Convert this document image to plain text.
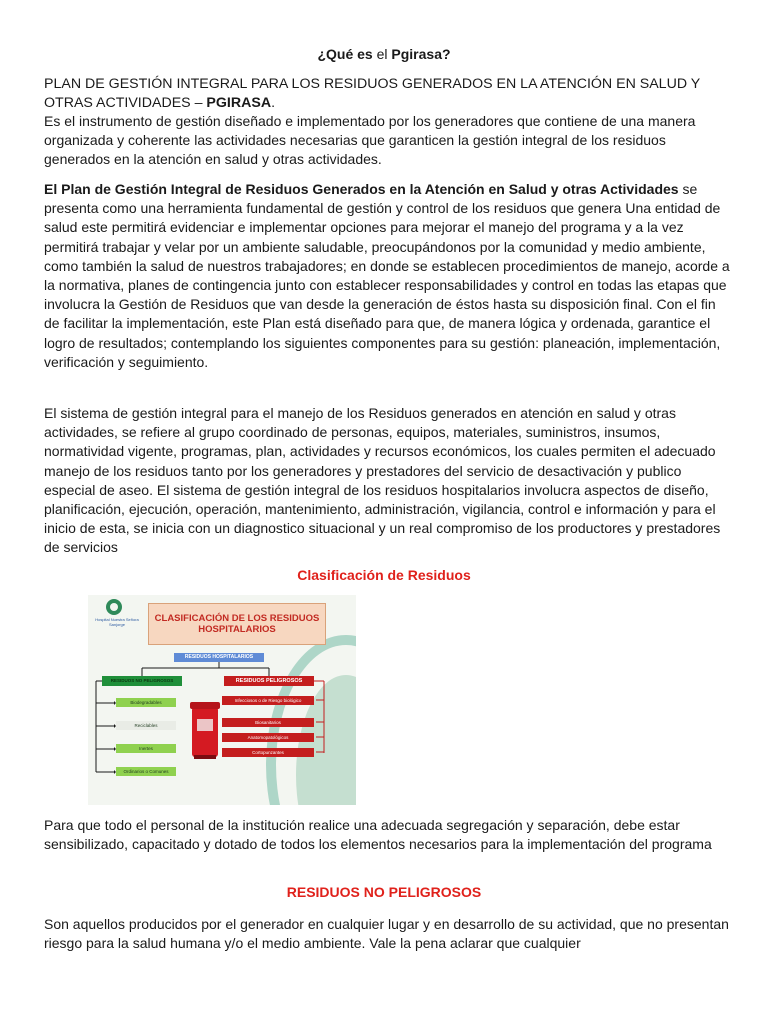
¿Qué es el Pgirasa?

PLAN DE GESTIÓN INTEGRAL PARA LOS RESIDUOS GENERADOS EN LA ATENCIÓN EN SALUD Y OTRAS ACTIVIDADES – PGIRASA.

Es el instrumento de gestión diseñado e implementado por los generadores que contiene de una manera organizada y coherente las actividades necesarias que garanticen la gestión integral de los residuos generados en la atención en salud y otras actividades.

El Plan de Gestión Integral de Residuos Generados en la Atención en Salud y otras Actividades se presenta como una herramienta fundamental de gestión y control de los residuos que genera Una entidad de salud este permitirá evidenciar e implementar opciones para mejorar el manejo del programa y a la vez permitirá trabajar y velar por un ambiente saludable, preocupándonos por la comunidad y medio ambiente, como también la salud de nuestros trabajadores; en donde se establecen procedimientos de manejo, acorde a la normativa, planes de contingencia junto con establecer responsabilidades y control en todas las etapas que involucra la Gestión de Residuos que van desde la generación de éstos hasta su disposición final. Con el fin de facilitar la implementación, este Plan está diseñado para que, de manera lógica y ordenada, garantice el logro de resultados; contemplando los siguientes componentes para su gestión: planeación, implementación, verificación y seguimiento.

El sistema de gestión integral para el manejo de los Residuos generados en atención en salud y otras actividades, se refiere al grupo coordinado de personas, equipos, materiales, suministros, insumos, normatividad vigente, programas, plan, actividades y recursos económicos, los cuales permiten el adecuado manejo de los residuos tanto por los generadores y prestadores del servicio de desactivación y publico especial de aseo. El sistema de gestión integral de los residuos hospitalarios involucra aspectos de diseño, planificación, ejecución, operación, mantenimiento, administración, vigilancia, control e información y para el inicio de esta, se inicia con un diagnostico situacional y un real compromiso de los productores y prestadores de servicios

Clasificación de Residuos
Hospital Nuestra Señora Sanjorge
CLASIFICACIÓN DE LOS RESIDUOS
HOSPITALARIOS
RESIDUOS HOSPITALARIOS
RESIDUOS NO PELIGROSOS	RESIDUOS PELIGROSOS
Biodegradables
Reciclables
Inertes
Ordinarios o Comunes
Infecciosos o de Riesgo biológico
Biosanitarios
Anatomopatológicos
Cortopunzantes

Para que todo el personal de la institución realice una adecuada segregación y separación, debe estar sensibilizado, capacitado y dotado de todos los elementos necesarios para la implementación del programa

RESIDUOS NO PELIGROSOS

Son aquellos producidos por el generador en cualquier lugar y en desarrollo de su actividad, que no presentan riesgo para la salud humana y/o el medio ambiente. Vale la pena aclarar que cualquier
